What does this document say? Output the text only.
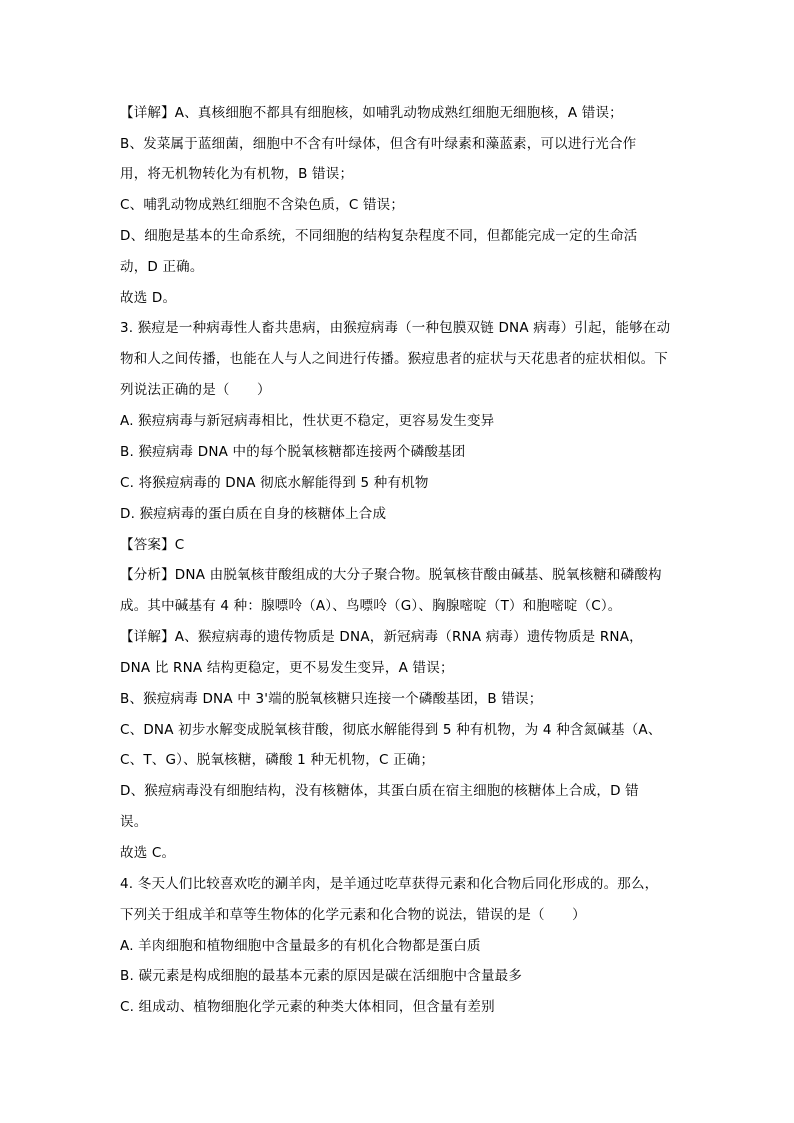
【详解】A、真核细胞不都具有细胞核，如哺乳动物成熟红细胞无细胞核，A 错误；
B、发菜属于蓝细菌，细胞中不含有叶绿体，但含有叶绿素和藻蓝素，可以进行光合作
用，将无机物转化为有机物，B 错误；
C、哺乳动物成熟红细胞不含染色质，C 错误；
D、细胞是基本的生命系统，不同细胞的结构复杂程度不同，但都能完成一定的生命活
动，D 正确。
故选 D。
3. 猴痘是一种病毒性人畜共患病，由猴痘病毒（一种包膜双链 DNA 病毒）引起，能够在动
物和人之间传播，也能在人与人之间进行传播。猴痘患者的症状与天花患者的症状相似。下
列说法正确的是（　　）
A. 猴痘病毒与新冠病毒相比，性状更不稳定，更容易发生变异
B. 猴痘病毒 DNA 中的每个脱氧核糖都连接两个磷酸基团
C. 将猴痘病毒的 DNA 彻底水解能得到 5 种有机物
D. 猴痘病毒的蛋白质在自身的核糖体上合成
【答案】C
【分析】DNA 由脱氧核苷酸组成的大分子聚合物。脱氧核苷酸由碱基、脱氧核糖和磷酸构
成。其中碱基有 4 种：腺嘌呤（A）、鸟嘌呤（G）、胸腺嘧啶（T）和胞嘧啶（C）。
【详解】A、猴痘病毒的遗传物质是 DNA，新冠病毒（RNA 病毒）遗传物质是 RNA，
DNA 比 RNA 结构更稳定，更不易发生变异，A 错误；
B、猴痘病毒 DNA 中 3'端的脱氧核糖只连接一个磷酸基团，B 错误；
C、DNA 初步水解变成脱氧核苷酸，彻底水解能得到 5 种有机物，为 4 种含氮碱基（A、
C、T、G）、脱氧核糖，磷酸 1 种无机物，C 正确；
D、猴痘病毒没有细胞结构，没有核糖体，其蛋白质在宿主细胞的核糖体上合成，D 错
误。
故选 C。
4. 冬天人们比较喜欢吃的涮羊肉，是羊通过吃草获得元素和化合物后同化形成的。那么，
下列关于组成羊和草等生物体的化学元素和化合物的说法，错误的是（　　）
A. 羊肉细胞和植物细胞中含量最多的有机化合物都是蛋白质
B. 碳元素是构成细胞的最基本元素的原因是碳在活细胞中含量最多
C. 组成动、植物细胞化学元素的种类大体相同，但含量有差别
